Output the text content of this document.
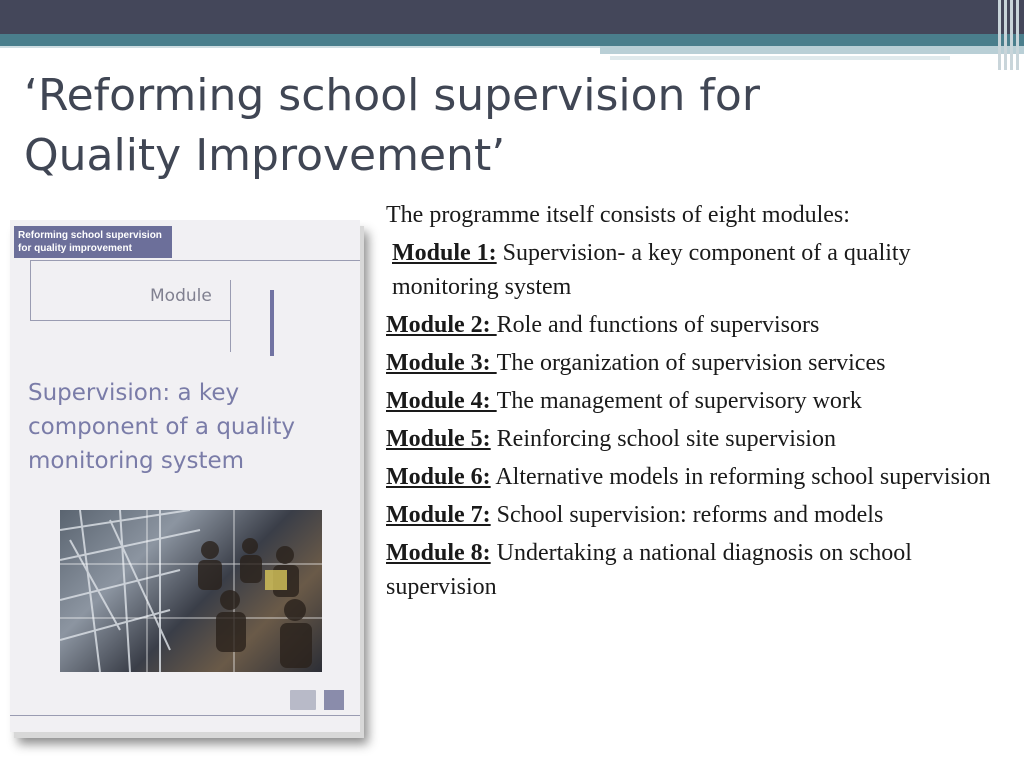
‘Reforming school supervision for
Quality Improvement’
Reforming school supervision
for quality improvement
Module
Supervision: a key
component of a quality
monitoring system
The programme itself consists of eight modules:
Module 1: Supervision- a key component of a quality monitoring system
Module 2: Role and functions of supervisors
Module 3: The organization of supervision services
Module 4: The management of supervisory work
Module 5: Reinforcing school site supervision
Module 6: Alternative models in reforming school supervision
Module 7: School supervision: reforms and models
Module 8: Undertaking a national diagnosis on school supervision
